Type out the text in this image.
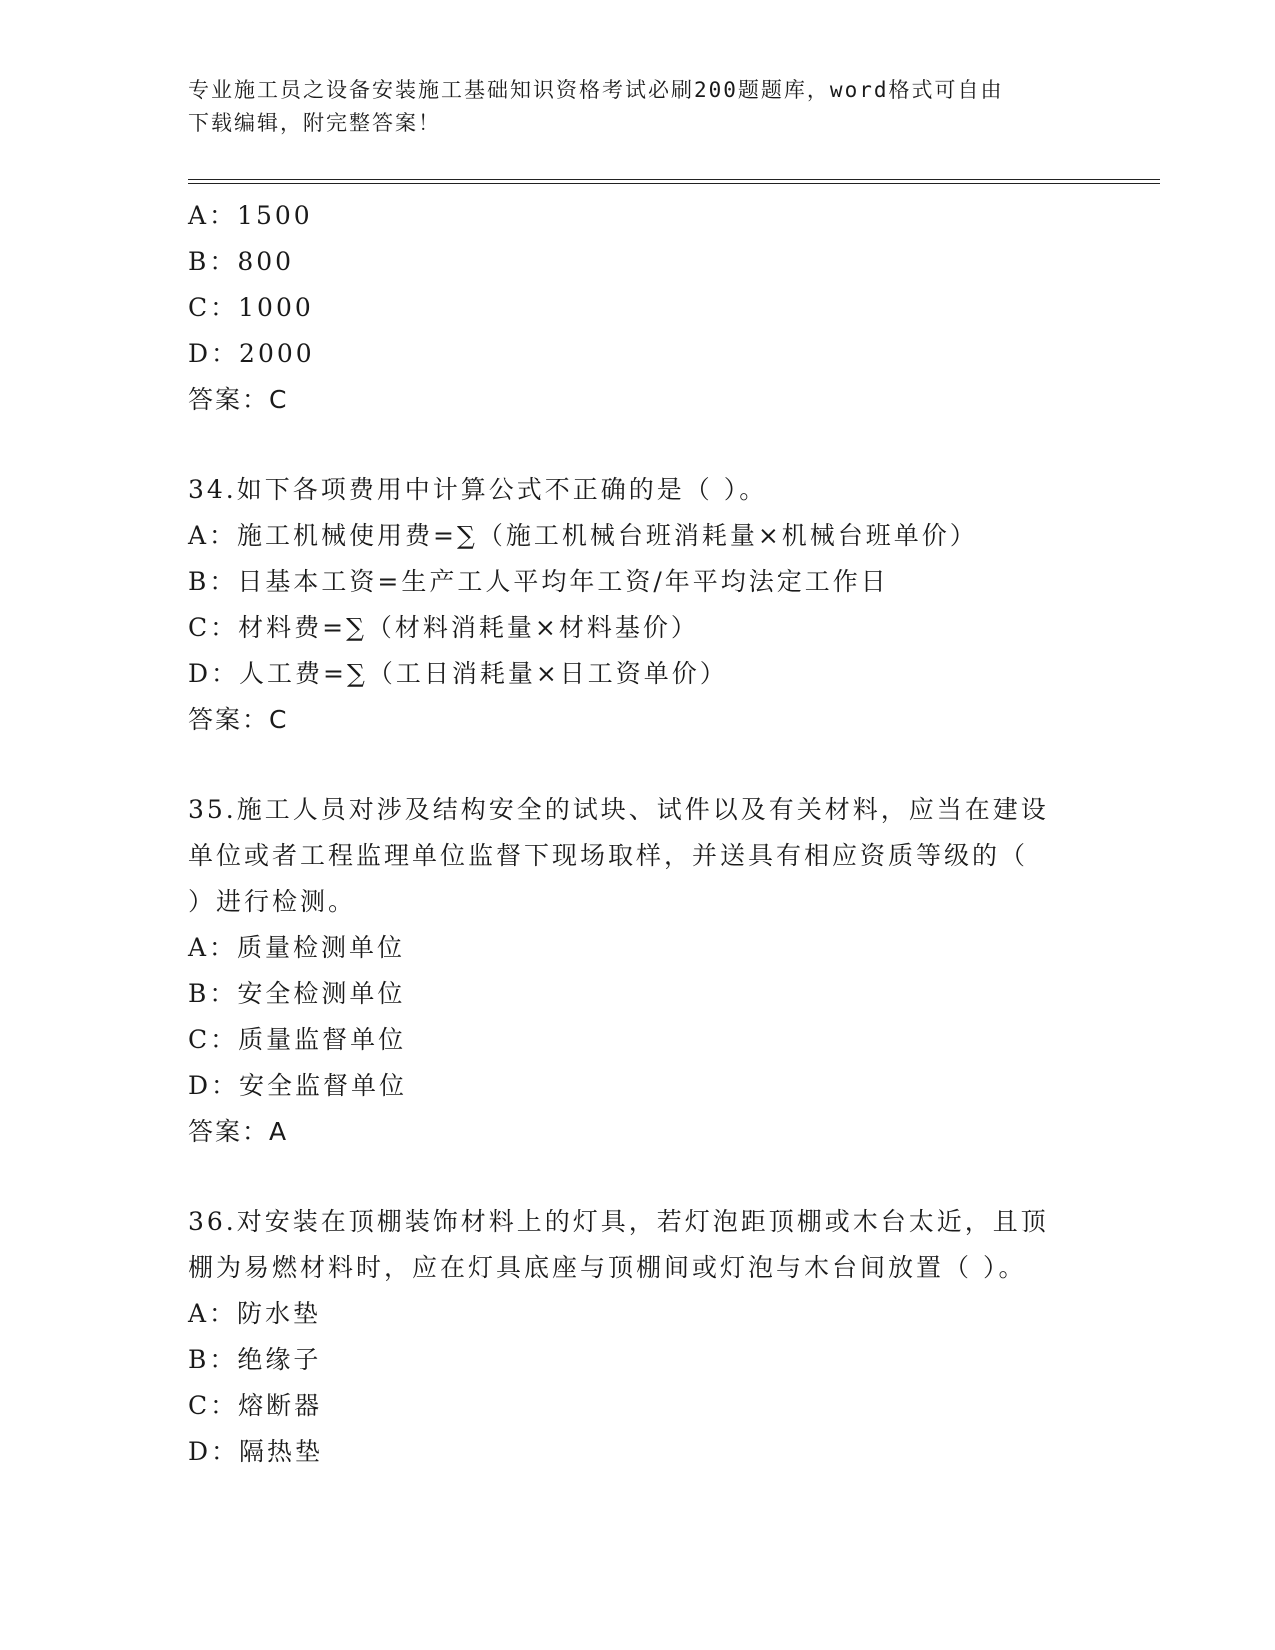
专业施工员之设备安装施工基础知识资格考试必刷200题题库，word格式可自由
下载编辑，附完整答案！
A：1500
B：800
C：1000
D：2000
答案：C
34.如下各项费用中计算公式不正确的是（ ）。
A：施工机械使用费=∑（施工机械台班消耗量×机械台班单价）
B：日基本工资=生产工人平均年工资/年平均法定工作日
C：材料费=∑（材料消耗量×材料基价）
D：人工费=∑（工日消耗量×日工资单价）
答案：C
35.施工人员对涉及结构安全的试块、试件以及有关材料，应当在建设
单位或者工程监理单位监督下现场取样，并送具有相应资质等级的（
）进行检测。
A：质量检测单位
B：安全检测单位
C：质量监督单位
D：安全监督单位
答案：A
36.对安装在顶棚装饰材料上的灯具，若灯泡距顶棚或木台太近，且顶
棚为易燃材料时，应在灯具底座与顶棚间或灯泡与木台间放置（ ）。
A：防水垫
B：绝缘子
C：熔断器
D：隔热垫
